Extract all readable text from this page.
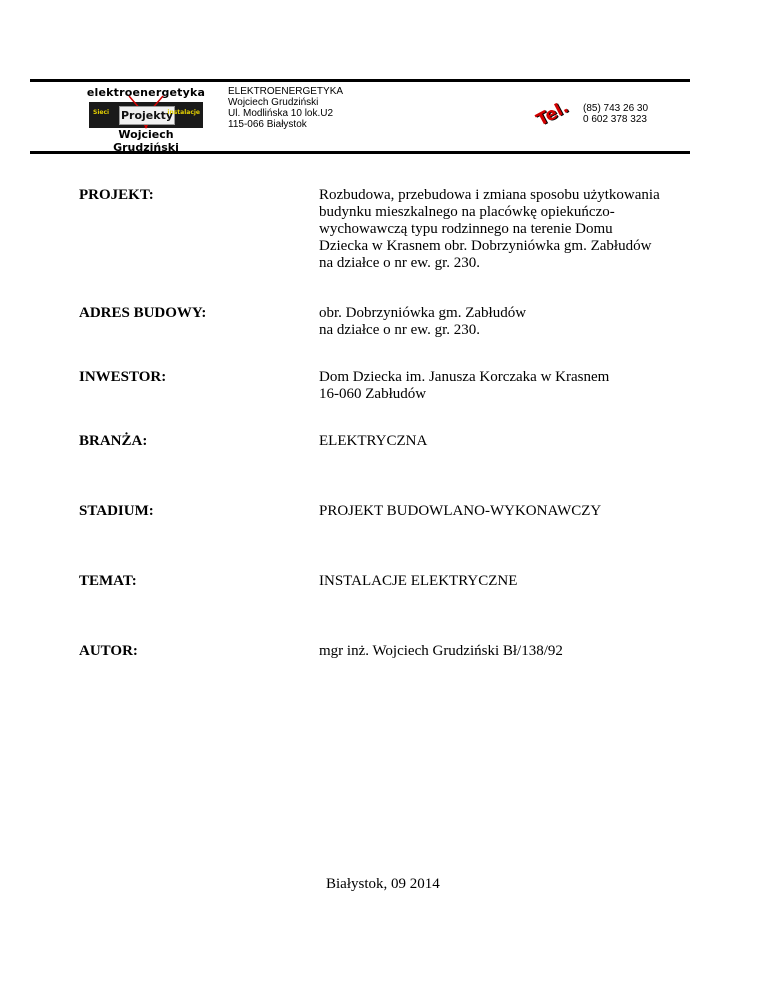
elektroenergetyka
Sieci Projekty
instalacje
Wojciech Grudziński
ELEKTROENERGETYKA
Wojciech Grudziński
Ul. Modlińska 10 lok.U2
115-066 Białystok	Tel. (85) 743 26 30
0 602 378 323
PROJEKT:	Rozbudowa, przebudowa i zmiana sposobu użytkowania
budynku mieszkalnego na placówkę opiekuńczo-
wychowawczą typu rodzinnego na terenie Domu
Dziecka w Krasnem obr. Dobrzyniówka gm. Zabłudów
na działce o nr ew. gr. 230.
ADRES BUDOWY:	obr. Dobrzyniówka gm. Zabłudów
na działce o nr ew. gr. 230.
INWESTOR:	Dom Dziecka im. Janusza Korczaka w Krasnem
16-060 Zabłudów
BRANŻA:	ELEKTRYCZNA
STADIUM:	PROJEKT BUDOWLANO-WYKONAWCZY
TEMAT:	INSTALACJE ELEKTRYCZNE
AUTOR:	mgr inż. Wojciech Grudziński Bł/138/92
Białystok, 09 2014
